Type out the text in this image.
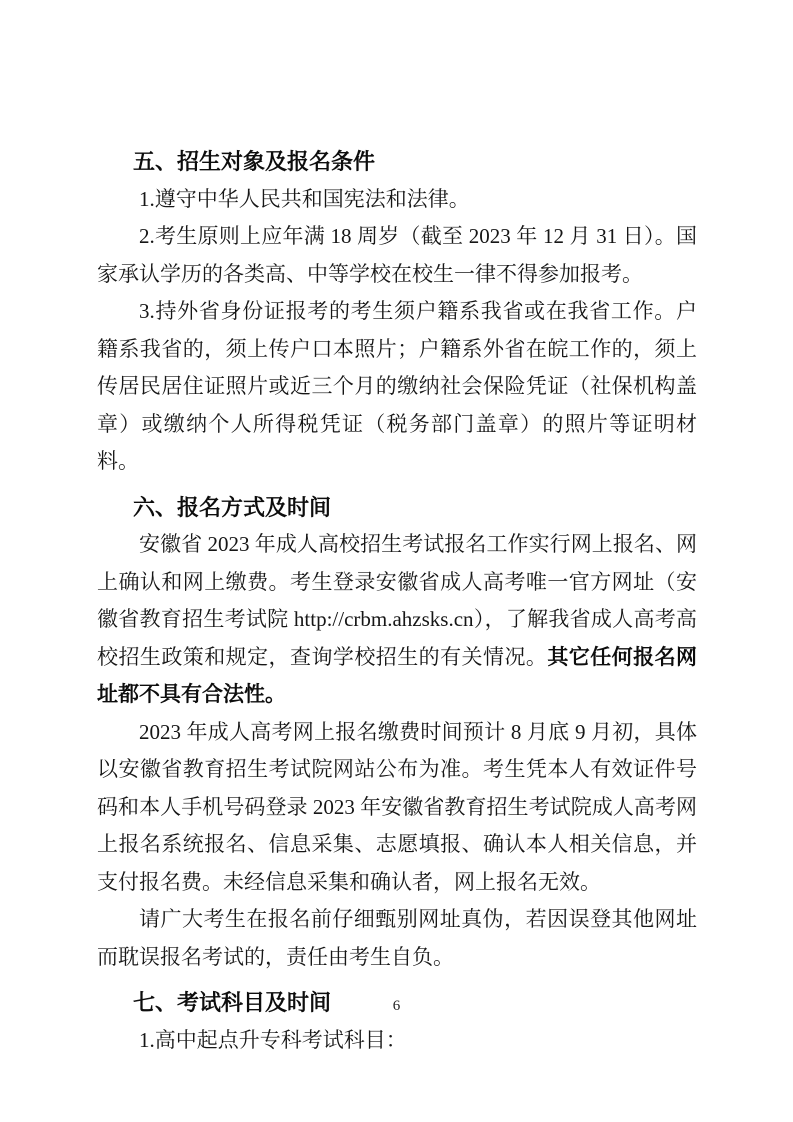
五、招生对象及报名条件

1.遵守中华人民共和国宪法和法律。

2.考生原则上应年满 18 周岁（截至 2023 年 12 月 31 日）。国家承认学历的各类高、中等学校在校生一律不得参加报考。

3.持外省身份证报考的考生须户籍系我省或在我省工作。户籍系我省的，须上传户口本照片；户籍系外省在皖工作的，须上传居民居住证照片或近三个月的缴纳社会保险凭证（社保机构盖章）或缴纳个人所得税凭证（税务部门盖章）的照片等证明材料。

六、报名方式及时间

安徽省 2023 年成人高校招生考试报名工作实行网上报名、网上确认和网上缴费。考生登录安徽省成人高考唯一官方网址（安徽省教育招生考试院 http://crbm.ahzsks.cn），了解我省成人高考高校招生政策和规定，查询学校招生的有关情况。其它任何报名网址都不具有合法性。

2023 年成人高考网上报名缴费时间预计 8 月底 9 月初，具体以安徽省教育招生考试院网站公布为准。考生凭本人有效证件号码和本人手机号码登录 2023 年安徽省教育招生考试院成人高考网上报名系统报名、信息采集、志愿填报、确认本人相关信息，并支付报名费。未经信息采集和确认者，网上报名无效。

请广大考生在报名前仔细甄别网址真伪，若因误登其他网址而耽误报名考试的，责任由考生自负。

七、考试科目及时间

1.高中起点升专科考试科目：

6
